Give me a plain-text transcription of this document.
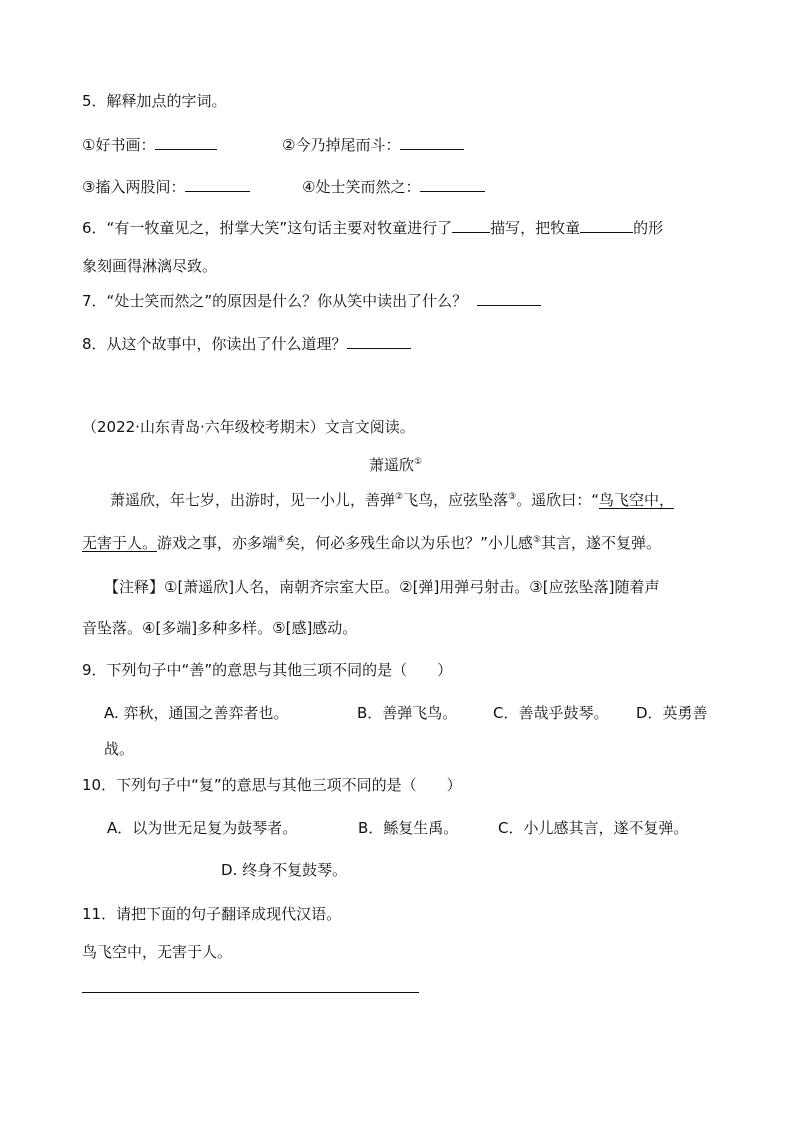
5．解释加点的字词。
①好书画：	②今乃掉尾而斗：
③搐入两股间：	④处士笑而然之：
6．“有一牧童见之，拊掌大笑”这句话主要对牧童进行了	描写，把牧童	的形
象刻画得淋漓尽致。
7．“处士笑而然之”的原因是什么？你从笑中读出了什么？
8．从这个故事中，你读出了什么道理？
（2022·山东青岛·六年级校考期末）文言文阅读。
萧遥欣①
萧遥欣，年七岁，出游时，见一小儿，善弹②飞鸟，应弦坠落③。遥欣曰：“鸟飞空中，
无害于人。游戏之事，亦多端④矣，何必多残生命以为乐也？”小儿感⑤其言，遂不复弹。
【注释】①[萧遥欣]人名，南朝齐宗室大臣。②[弹]用弹弓射击。③[应弦坠落]随着声
音坠落。④[多端]多种多样。⑤[感]感动。
9．下列句子中“善”的意思与其他三项不同的是（　　）
A. 弈秋，通国之善弈者也。	B．善弹飞鸟。 C．善哉乎鼓琴。 D．英勇善
战。
10．下列句子中“复”的意思与其他三项不同的是（　　）
A．以为世无足复为鼓琴者。	B．鲧复生禹。	C．小儿感其言，遂不复弹。
D. 终身不复鼓琴。
11．请把下面的句子翻译成现代汉语。
鸟飞空中，无害于人。
